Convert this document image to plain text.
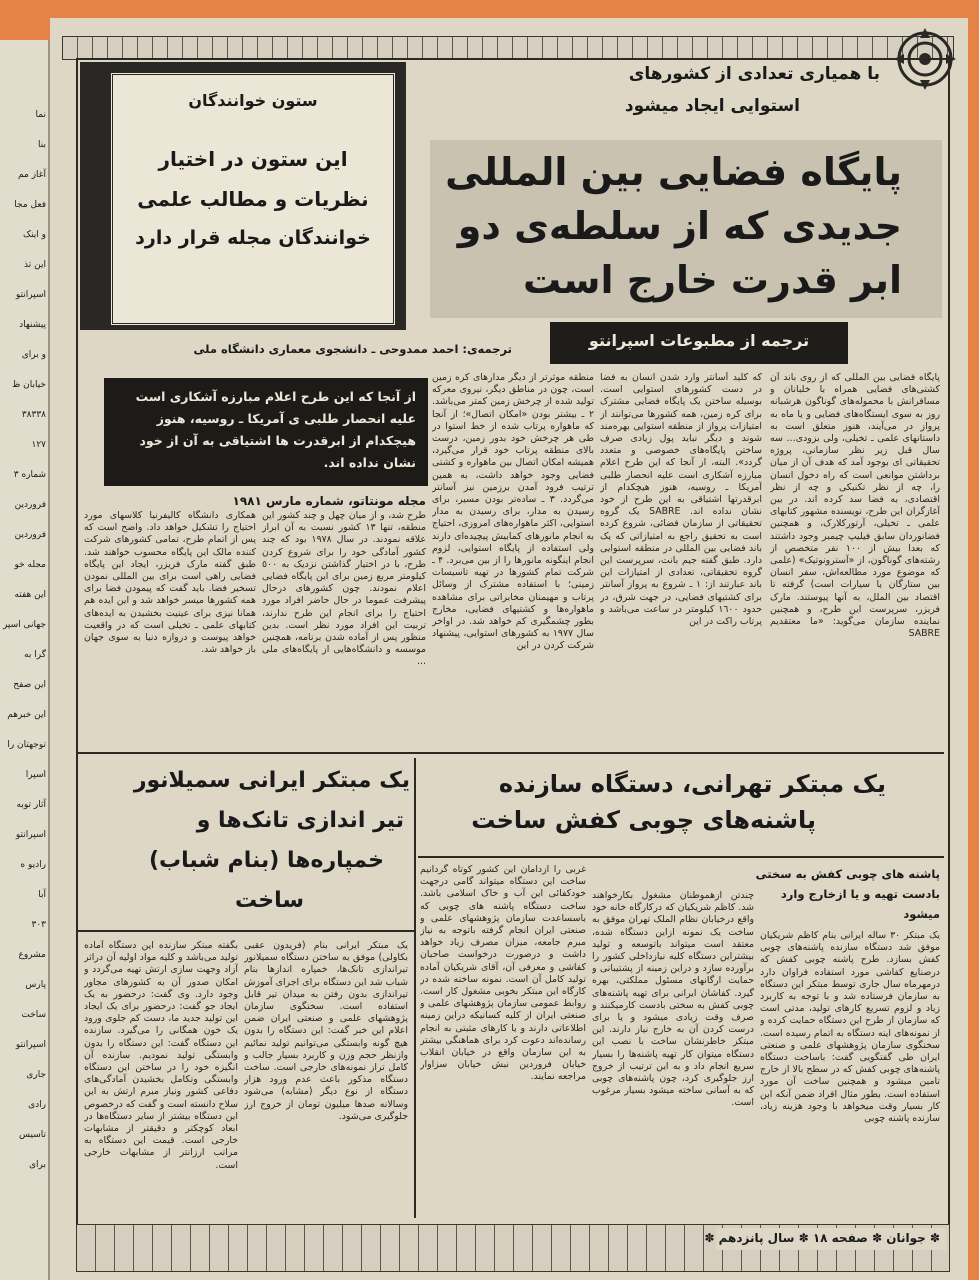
نما
بنا
آغاز مم
فعل مجا
و اینک
این تذ
اسپرانتو
پیشنهاد
و برای
خیابان ظ
٣٨٣٣٨
١٢٧
شماره ٣
فروردین
فروردین
مجله خو
این هفته
جهانی اسپر
گرا به
این صفح
این خبرهم
توجهتان را
اسپرا
آثار توبه
اسپرانتو
رادیو ه
آبا
٣٠٣
مشروع
پارس
ساخت
اسپرانتو
جاری
رادی
تاسیس
برای
ستون خوانندگان
این ستون در اختیار
نظریات و مطالب علمی
خوانندگان مجله قرار دارد
با همیاری تعدادی از کشورهای
استوایی ایجاد میشود
پایگاه فضایی بین المللی
جدیدی که از سلطه‌ی دو
ابر قدرت خارج است
ترجمه از مطبوعات اسپرانتو
ترجمه‌ی: احمد ممدوحی ـ دانشجوی معماری دانشگاه ملی
از آنجا که این طرح اعلام مبارزه آشکاری است علیه انحصار طلبی ی آمریکا ـ روسیه، هنوز هیچکدام از ابرقدرت ها اشتیاقی به آن از خود نشان نداده اند.
مجله مونتاتو، شماره مارس ١٩٨١
پایگاه فضایی بین المللی که از روی باند آن کشتی‌های فضایی همراه با خلبانان و مسافرانش با محموله‌های گوناگون هرشبانه روز به سوی ایستگاه‌های فضایی و یا ماه به پرواز در می‌آیند، هنوز متعلق است به داستانهای علمی ـ تخیلی، ولی بزودی… سه سال قبل زیر نظر سازمانی، پروژه تحقیقاتی ای بوجود آمد که هدف آن از میان برداشتن موانعی است که راه دخول انسان را، چه از نظر تکنیکی و چه از نظر اقتصادی، به فضا سد کرده اند. در بین آغازگران این طرح، نویسنده مشهور کتابهای علمی ـ تخیلی، آرتورکلارک، و همچنین فضانوردان سابق فیلیپ چیمبر وجود داشتند که بعدا بیش از ١٠٠ نفر متخصص از رشته‌های گوناگون، از «آسترونوتیک» (علمی که موضوع مورد مطالعه‌اش، سفر انسان بین ستارگان یا سیارات است) گرفته تا اقتصاد بین الملل، به آنها پیوستند. مارک فریزر، سرپرست این طرح، و همچنین نماینده سازمان می‌گوید: «ما معتقدیم SABRE
که کلید آسانتر وارد شدن انسان به فضا در دست کشورهای استوایی است. بوسیله ساختن یک پایگاه فضایی مشترک برای کره زمین، همه کشورها می‌توانند از امتیازات پرواز از منطقه استوایی بهره‌مند شوند و دیگر نباید پول زیادی صرف ساختن پایگاه‌های خصوصی و متعدد گردد». البته، از آنجا که این طرح اعلام مبارزه آشکاری است علیه انحصار طلبی آمریکا ـ روسیه، هنوز هیچکدام از ابرقدرتها اشتیاقی به این طرح از خود نشان نداده اند. SABRE یک گروه تحقیقاتی از سازمان فضائی، شروع کرده است به تحقیق راجع به امتیازاتی که یک باند فضایی بین المللی در منطقه استوایی دارد. طبق گفته جیم بانت، سرپرست این گروه تحقیقاتی، تعدادی از امتیازات این باند عبارتند از: ١ ـ شروع به پرواز آسانتر برای کشتیهای فضایی، در جهت شرق، در حدود ١٦٠٠ کیلومتر در ساعت می‌باشد و پرتاب راکت در این
منطقه موثرتر از دیگر مدارهای کره زمین است، چون در مناطق دیگر، نیروی معرکه تولید شده از چرخش زمین کمتر می‌باشد. ٢ ـ بیشتر بودن «امکان اتصال»؛ از آنجا که ماهواره پرتاب شده از خط استوا در طی هر چرخش خود بدور زمین، درست بالای منطقه پرتاب خود قرار می‌گیرد، همیشه امکان اتصال بین ماهواره و کشتی فضایی وجود خواهد داشت، به همین ترتیب فرود آمدن برزمین نیز آسانتر می‌گردد. ٣ ـ ساده‌تر بودن مسیر، برای رسیدن به مدار، برای رسیدن به مدار استوایی، اکثر ماهواره‌های امروزی، احتیاج به انجام مانورهای کمابیش پیچیده‌ای دارند ولی استفاده از پایگاه استوایی، لزوم انجام اینگونه مانورها را از بین می‌برد. ۴ ـ شرکت تمام کشورها در تهیه تاسیسات زمینی؛ با استفاده مشترک از وسائل پرتاب و مهیمنان مخابراتی برای مشاهده ماهواره‌ها و کشتیهای فضایی، مخارج بطور چشمگیری کم خواهد شد. در اواخر سال ١٩٧٧ به کشورهای استوایی، پیشنهاد شرکت کردن در این
طرح شد، و از میان چهل و چند کشور این منطقه، تنها ١٣ کشور نسبت به آن ابراز علاقه نمودند. در سال ١٩٧٨ بود که چند کشور آمادگی خود را برای شروع کردن طرح، با در اختیار گذاشتن نزدیک به ٥٠٠ کیلومتر مربع زمین برای این پایگاه فضایی اعلام نمودند. چون کشورهای درحال پیشرفت عموما در حال حاضر افراد مورد احتیاج را برای انجام این طرح ندارند، تربیت این افراد مورد نظر است. بدین منظور پس از آماده شدن برنامه، همچنین موسسه و دانشگاه‌هایی از پایگاه‌های ملی ...
همکاری دانشگاه کالیفرنیا کلاسهای مورد احتیاج را تشکیل خواهد داد. واضح است که پس از اتمام طرح، تمامی کشورهای شرکت کننده مالک این پایگاه محسوب خواهند شد. طبق گفته مارک فریزر، ایجاد این پایگاه فضایی راهی است برای بین المللی نمودن تسخیر فضا. باید گفت که پیمودن فضا برای همه کشورها میسر خواهد شد و این ایده هم همانا نیزی برای عینیت بخشیدن به ایده‌های کتابهای علمی ـ تخیلی است که در واقعیت خواهد پیوست و دروازه دنیا به سوی جهان باز خواهد شد.
یک مبتکر تهرانی، دستگاه سازنده
پاشنه‌های چوبی کفش ساخت
پاشنه های چوبی کفش به سختی بادست تهیه و یا ازخارج وارد میشود
یک مبتکر ٣٠ ساله ایرانی بنام کاظم شریکیان موفق شد دستگاه سازنده پاشنه‌های چوبی کفش بسازد. طرح پاشنه چوبی کفش که درصنایع کفاشی مورد استفاده فراوان دارد درمهرماه سال جاری توسط مبتکر این دستگاه به سازمان فرستاده شد و با توجه به کاربرد زیاد و لزوم تسریع کارهای تولید، مدتی است که سازمان از طرح این دستگاه حمایت کرده و از نمونه‌های اینه دستگاه به اتمام رسیده است. سخنگوی سازمان پژوهشهای علمی و صنعتی ایران طی گفتگویی گفت: باساخت دستگاه پاشنه‌های چوبی کفش که در سطح بالا از خارج تامین میشود و همچنین ساخت آن مورد استفاده است. بطور مثال افراد ضمن آنکه این کار بسیار وقت میخواهد با وجود هزینه زیاد، سازنده پاشنه چوبی
چندتن ازهموطنان مشغول بکارخواهند شد. کاظم شریکیان که درکارگاه خانه خود واقع درخیابان نظام الملک تهران موفق به ساخت یک نمونه ازاین دستگاه شده، معتقد است میتواند باتوسعه و تولید بیشتراین دستگاه کلیه نیازداخلی کشور را برآورده سازد و دراین زمینه از پشتیبانی و حمایت ارگانهای مسئول مملکتی، بهره گیرد. کفاشان ایرانی برای تهیه پاشنه‌های چوبی کفش به سختی بادست کارمیکنند و صرف وقت زیادی میشود و یا برای درست کردن آن به خارج نیاز دارند. این مبتکر خاطرنشان ساخت با نصب این دستگاه میتوان کار تهیه پاشنه‌ها را بسیار سریع انجام داد و به این ترتیب از خروج ارز جلوگیری کرد، چون پاشنه‌های چوبی که به آسانی ساخته میشود بسیار مرغوب است.
غربی را ازدامان این کشور کوتاه گردانیم ساخت این دستگاه میتواند گامی درجهت خودکفائی این آب و خاک اسلامی باشد. ساخت دستگاه پاشنه های چوبی که باسساعدت سازمان پژوهشهای علمی و صنعتی ایران انجام گرفته باتوجه به نیاز مبرم جامعه، میزان مصرف زیاد خواهد داشت و درصورت درخواست صاحبان کفاشی و معرفی آن، آقای شریکیان آماده تولید کامل آن است. نمونه ساخته شده در کارگاه این مبتکر بخوبی مشغول کار است. روابط عمومی سازمان پژوهشهای علمی و صنعتی ایران از کلیه کسانیکه دراین زمینه اطلاعاتی دارند و یا کارهای مثبتی به انجام رسانده‌اند دعوت کرد برای هماهنگی بیشتر به این سازمان واقع در خیابان انقلاب خیابان فروردین نبش خیابان سزاوار مراجعه نمایند.
یک مبتکر ایرانی سمیلانور
تیر اندازی تانک‌ها و
خمپاره‌ها (بنام شباب)
ساخت
یک مبتکر ایرانی بنام (فریدون عقبی بکاولی) موفق به ساختن دستگاه سمیلانور تیراندازی تانک‌ها، خمپاره اندازها بنام شباب شد این دستگاه برای اجرای آموزش تیراندازی بدون رفتن به میدان تیر قابل استفاده است. سخنگوی سازمان پژوهشهای علمی و صنعتی ایران ضمن اعلام این خبر گفت: این دستگاه را بدون هیچ گونه وابستگی می‌توانیم تولید نمائیم وازنظر حجم وزن و کاربرد بسیار جالب و کامل تراز نمونه‌های خارجی است. ساخت دستگاه مذکور باعث عدم ورود هزار دستگاه از نوع دیگر (مشابه) می‌شود وسالانه صدها میلیون تومان از خروج ارز جلوگیری می‌شود.
بگفته مبتکر سازنده این دستگاه آماده تولید می‌باشد و کلیه مواد اولیه آن دراثر آزاد وجهت سازی ارتش تهیه می‌گردد و امکان صدور آن به کشورهای مجاور وجود دارد. وی گفت: درحضور به یک ایجاد جو گفت: درحضور برای یک ایجاد این تولید جدید ما، دست کم جلوی ورود یک خون همگانی را می‌گیرد. سازنده این دستگاه گفت: این دستگاه را بدون وابستگی تولید نمودیم. سازنده آن انگیزه خود را در ساختن این دستگاه وابستگی وتکامل بخشیدن آمادگی‌های دفاعی کشور ونیاز مبرم ارتش به این سلاح دانسته است و گفت که درخصوص این دستگاه بیشتر از سایر دستگاه‌ها در ابعاد کوچکتر و دقیقتر از مشابهات خارجی است. قیمت این دستگاه به مراتب ارزانتر از مشابهات خارجی است.
✽ جوانان ✽ صفحه ١٨ ✽ سال پانزدهم ✽
